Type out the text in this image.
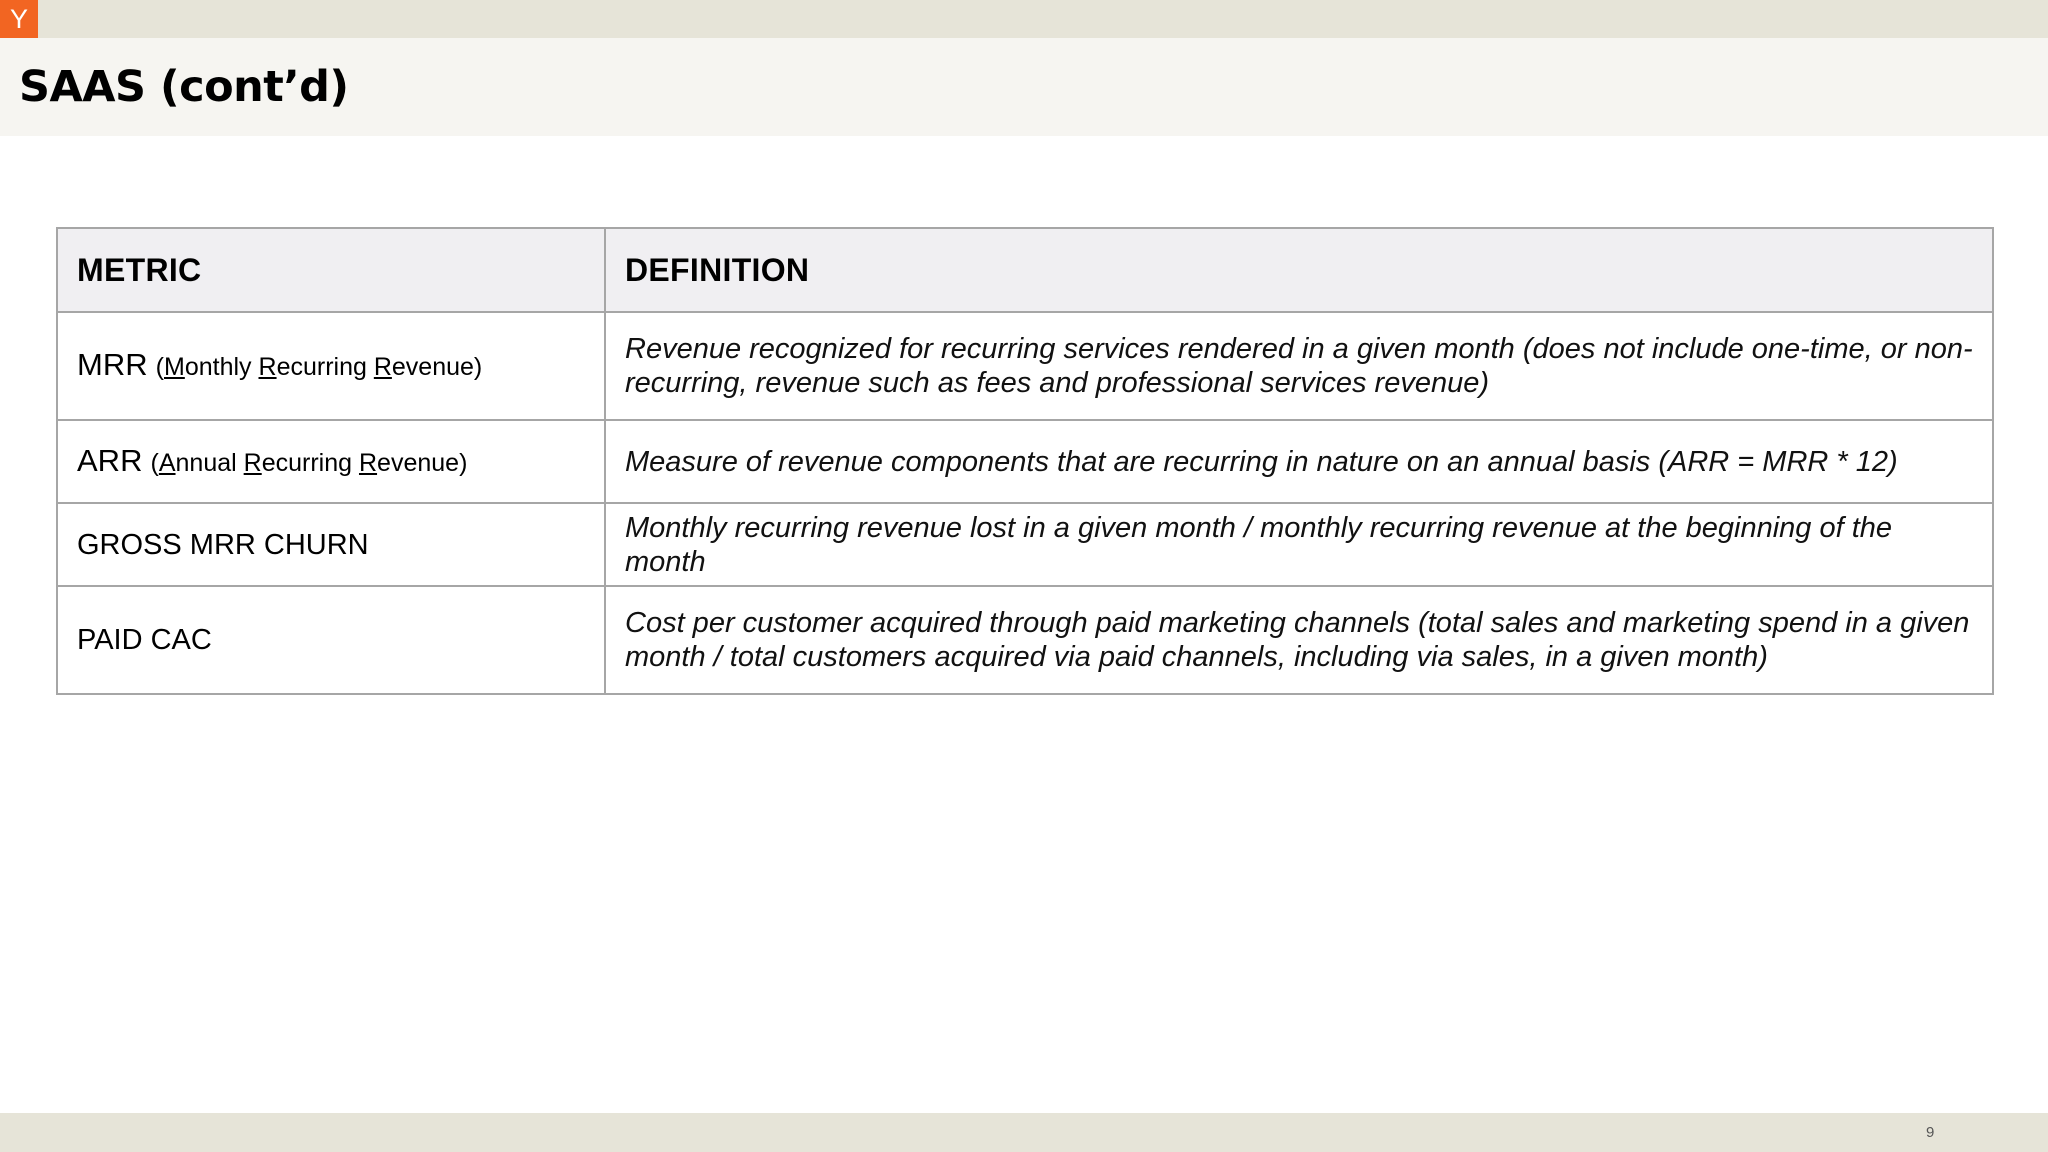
Y
SAAS (cont’d)
METRIC	DEFINITION
MRR (Monthly Recurring Revenue)	Revenue recognized for recurring services rendered in a given month (does not include one-time, or non-recurring, revenue such as fees and professional services revenue)
ARR (Annual Recurring Revenue)	Measure of revenue components that are recurring in nature on an annual basis (ARR = MRR * 12)
GROSS MRR CHURN	Monthly recurring revenue lost in a given month / monthly recurring revenue at the beginning of the month
PAID CAC	Cost per customer acquired through paid marketing channels (total sales and marketing spend in a given month / total customers acquired via paid channels, including via sales, in a given month)
9
